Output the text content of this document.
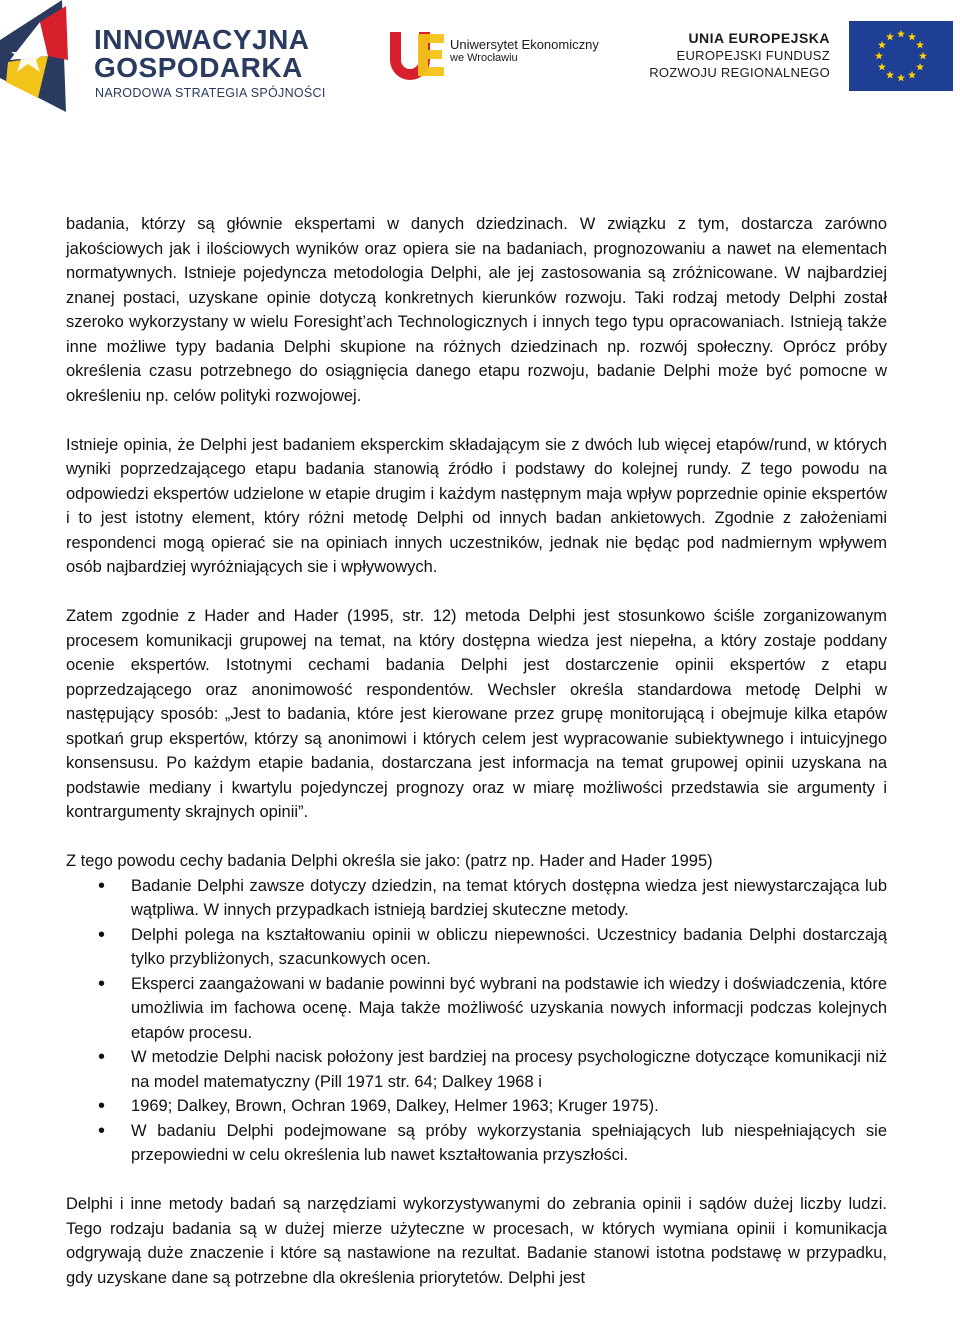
INNOWACYJNA
GOSPODARKA
NARODOWA STRATEGIA SPÓJNOŚCI
Uniwersytet Ekonomiczny
we Wrocławiu
UNIA EUROPEJSKA
EUROPEJSKI FUNDUSZ
ROZWOJU REGIONALNEGO

badania, którzy są głównie ekspertami w danych dziedzinach. W związku z tym, dostarcza zarówno jakościowych jak i ilościowych wyników oraz opiera sie na badaniach, prognozowaniu a nawet na elementach normatywnych. Istnieje pojedyncza metodologia Delphi, ale jej zastosowania są zróżnicowane. W najbardziej znanej postaci, uzyskane opinie dotyczą konkretnych kierunków rozwoju. Taki rodzaj metody Delphi został szeroko wykorzystany w wielu Foresight’ach Technologicznych i innych tego typu opracowaniach. Istnieją także inne możliwe typy badania Delphi skupione na różnych dziedzinach np. rozwój społeczny. Oprócz próby określenia czasu potrzebnego do osiągnięcia danego etapu rozwoju, badanie Delphi może być pomocne w określeniu np. celów polityki rozwojowej.

Istnieje opinia, że Delphi jest badaniem eksperckim składającym sie z dwóch lub więcej etapów/rund, w których wyniki poprzedzającego etapu badania stanowią źródło i podstawy do kolejnej rundy. Z tego powodu na odpowiedzi ekspertów udzielone w etapie drugim i każdym następnym maja wpływ poprzednie opinie ekspertów i to jest istotny element, który różni metodę Delphi od innych badan ankietowych. Zgodnie z założeniami respondenci mogą opierać sie na opiniach innych uczestników, jednak nie będąc pod nadmiernym wpływem osób najbardziej wyróżniających sie i wpływowych.

Zatem zgodnie z Hader and Hader (1995, str. 12) metoda Delphi jest stosunkowo ściśle zorganizowanym procesem komunikacji grupowej na temat, na który dostępna wiedza jest niepełna, a który zostaje poddany ocenie ekspertów. Istotnymi cechami badania Delphi jest dostarczenie opinii ekspertów z etapu poprzedzającego oraz anonimowość respondentów. Wechsler określa standardowa metodę Delphi w następujący sposób: „Jest to badania, które jest kierowane przez grupę monitorującą i obejmuje kilka etapów spotkań grup ekspertów, którzy są anonimowi i których celem jest wypracowanie subiektywnego i intuicyjnego konsensusu. Po każdym etapie badania, dostarczana jest informacja na temat grupowej opinii uzyskana na podstawie mediany i kwartylu pojedynczej prognozy oraz w miarę możliwości przedstawia sie argumenty i kontrargumenty skrajnych opinii”.

Z tego powodu cechy badania Delphi określa sie jako: (patrz np. Hader and Hader 1995)

• Badanie Delphi zawsze dotyczy dziedzin, na temat których dostępna wiedza jest niewystarczająca lub wątpliwa. W innych przypadkach istnieją bardziej skuteczne metody.
• Delphi polega na kształtowaniu opinii w obliczu niepewności. Uczestnicy badania Delphi dostarczają tylko przybliżonych, szacunkowych ocen.
• Eksperci zaangażowani w badanie powinni być wybrani na podstawie ich wiedzy i doświadczenia, które umożliwia im fachowa ocenę. Maja także możliwość uzyskania nowych informacji podczas kolejnych etapów procesu.
• W metodzie Delphi nacisk położony jest bardziej na procesy psychologiczne dotyczące komunikacji niż na model matematyczny (Pill 1971 str. 64; Dalkey 1968 i
• 1969; Dalkey, Brown, Ochran 1969, Dalkey, Helmer 1963; Kruger 1975).
• W badaniu Delphi podejmowane są próby wykorzystania spełniających lub niespełniających sie przepowiedni w celu określenia lub nawet kształtowania przyszłości.

Delphi i inne metody badań są narzędziami wykorzystywanymi do zebrania opinii i sądów dużej liczby ludzi. Tego rodzaju badania są w dużej mierze użyteczne w procesach, w których wymiana opinii i komunikacja odgrywają duże znaczenie i które są nastawione na rezultat. Badanie stanowi istotna podstawę w przypadku, gdy uzyskane dane są potrzebne dla określenia priorytetów. Delphi jest
